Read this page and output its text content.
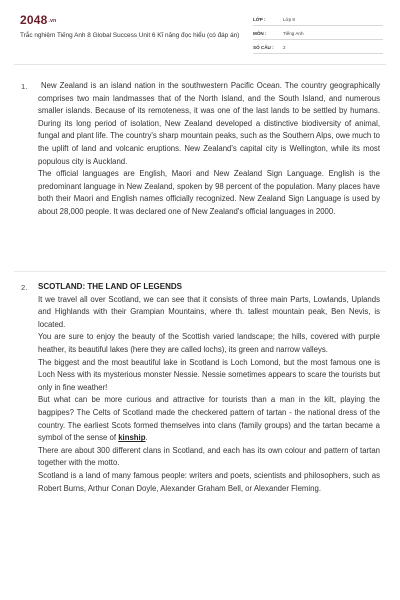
2048.vn
Trắc nghiệm Tiếng Anh 8 Global Success Unit 6 Kĩ năng đọc hiểu (có đáp án)
LỚP :	Lớp 8
MÔN :	Tiếng Anh
SỐ CÂU : 2
1.	New Zealand is an island nation in the southwestern Pacific Ocean. The country geographically comprises two main landmasses that of the North Island, and the South Island, and numerous smaller islands. Because of its remoteness, it was one of the last lands to be settled by humans. During its long period of isolation, New Zealand developed a distinctive biodiversity of animal, fungal and plant life. The country's sharp mountain peaks, such as the Southern Alps, owe much to the uplift of land and volcanic eruptions. New Zealand's capital city is Wellington, while its most populous city is Auckland.

The official languages are English, Maori and New Zealand Sign Language. English is the predominant language in New Zealand, spoken by 98 percent of the population. Many places have both their Maori and English names officially recognized. New Zealand Sign Language is used by about 28,000 people. It was declared one of New Zealand's official languages in 2000.

2. SCOTLAND: THE LAND OF LEGENDS

It we travel all over Scotland, we can see that it consists of three main Parts, Lowlands, Uplands and Highlands with their Grampian Mountains, where th. tallest mountain peak, Ben Nevis, is located.

You are sure to enjoy the beauty of the Scottish varied landscape; the hills, covered with purple heather, its beautiful lakes (here they are called lochs), its green and narrow valleys.

The biggest and the most beautiful lake in Scotland is Loch Lomond, but the most famous one is Loch Ness with its mysterious monster Nessie. Nessie sometimes appears to scare the tourists but only in fine weather!

But what can be more curious and attractive for tourists than a man in the kilt, playing the bagpipes? The Celts of Scotland made the checkered pattern of tartan - the national dress of the country. The earliest Scots formed themselves into clans (family groups) and the tartan became a symbol of the sense of kinship.

There are about 300 different clans in Scotland, and each has its own colour and pattern of tartan together with the motto.

Scotland is a land of many famous people: writers and poets, scientists and philosophers, such as Robert Burns, Arthur Conan Doyle, Alexander Graham Bell, or Alexander Fleming.
